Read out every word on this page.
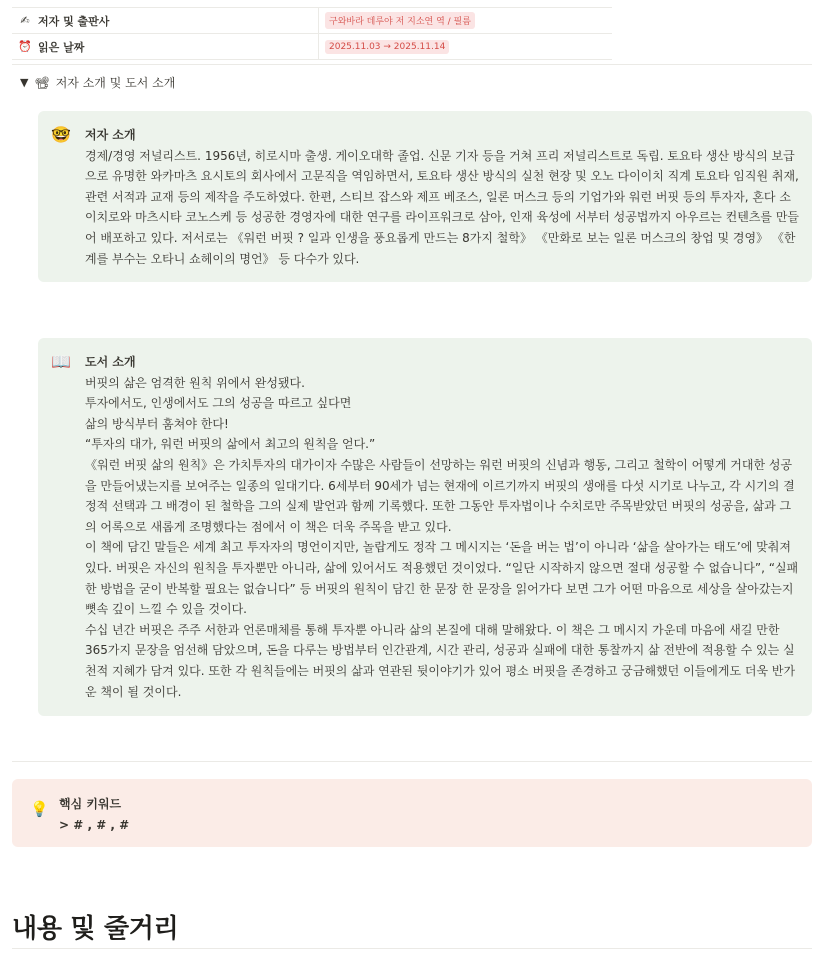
✍ 저자 및 출판사	구와바라 데루야 저 지소연 역 / 필름
⏰ 읽은 날짜	2025.11.03 → 2025.11.14
▼ 📽 저자 소개 및 도서 소개
🤓 저자 소개
경제/경영 저널리스트. 1956년, 히로시마 출생. 게이오대학 졸업. 신문 기자 등을 거쳐 프리 저널리스트로 독립. 토요타 생산 방식의 보급으로 유명한 와카마츠 요시토의 회사에서 고문직을 역임하면서, 토요타 생산 방식의 실천 현장 및 오노 다이이치 직계 토요타 임직원 취재, 관련 서적과 교재 등의 제작을 주도하였다. 한편, 스티브 잡스와 제프 베조스, 일론 머스크 등의 기업가와 워런 버핏 등의 투자자, 혼다 소이치로와 마츠시타 코노스케 등 성공한 경영자에 대한 연구를 라이프워크로 삼아, 인재 육성에 서부터 성공법까지 아우르는 컨텐츠를 만들어 배포하고 있다. 저서로는 《워런 버핏 ? 일과 인생을 풍요롭게 만드는 8가지 철학》 《만화로 보는 일론 머스크의 창업 및 경영》 《한계를 부수는 오타니 쇼헤이의 명언》 등 다수가 있다.
📖 도서 소개
버핏의 삶은 엄격한 원칙 위에서 완성됐다.
투자에서도, 인생에서도 그의 성공을 따르고 싶다면
삶의 방식부터 훔쳐야 한다!
“투자의 대가, 워런 버핏의 삶에서 최고의 원칙을 얻다.”
《워런 버핏 삶의 원칙》은 가치투자의 대가이자 수많은 사람들이 선망하는 워런 버핏의 신념과 행동, 그리고 철학이 어떻게 거대한 성공을 만들어냈는지를 보여주는 일종의 일대기다. 6세부터 90세가 넘는 현재에 이르기까지 버핏의 생애를 다섯 시기로 나누고, 각 시기의 결정적 선택과 그 배경이 된 철학을 그의 실제 발언과 함께 기록했다. 또한 그동안 투자법이나 수치로만 주목받았던 버핏의 성공을, 삶과 그의 어록으로 새롭게 조명했다는 점에서 이 책은 더욱 주목을 받고 있다.
이 책에 담긴 말들은 세계 최고 투자자의 명언이지만, 놀랍게도 정작 그 메시지는 ‘돈을 버는 법’이 아니라 ‘삶을 살아가는 태도’에 맞춰져 있다. 버핏은 자신의 원칙을 투자뿐만 아니라, 삶에 있어서도 적용했던 것이었다. “일단 시작하지 않으면 절대 성공할 수 없습니다”, “실패한 방법을 굳이 반복할 필요는 없습니다” 등 버핏의 원칙이 담긴 한 문장 한 문장을 읽어가다 보면 그가 어떤 마음으로 세상을 살아갔는지 뼛속 깊이 느낄 수 있을 것이다.
수십 년간 버핏은 주주 서한과 언론매체를 통해 투자뿐 아니라 삶의 본질에 대해 말해왔다. 이 책은 그 메시지 가운데 마음에 새길 만한 365가지 문장을 엄선해 담았으며, 돈을 다루는 방법부터 인간관계, 시간 관리, 성공과 실패에 대한 통찰까지 삶 전반에 적용할 수 있는 실천적 지혜가 담겨 있다. 또한 각 원칙들에는 버핏의 삶과 연관된 뒷이야기가 있어 평소 버핏을 존경하고 궁금해했던 이들에게도 더욱 반가운 책이 될 것이다.
💡 핵심 키워드
> # , # , #
내용 및 줄거리
